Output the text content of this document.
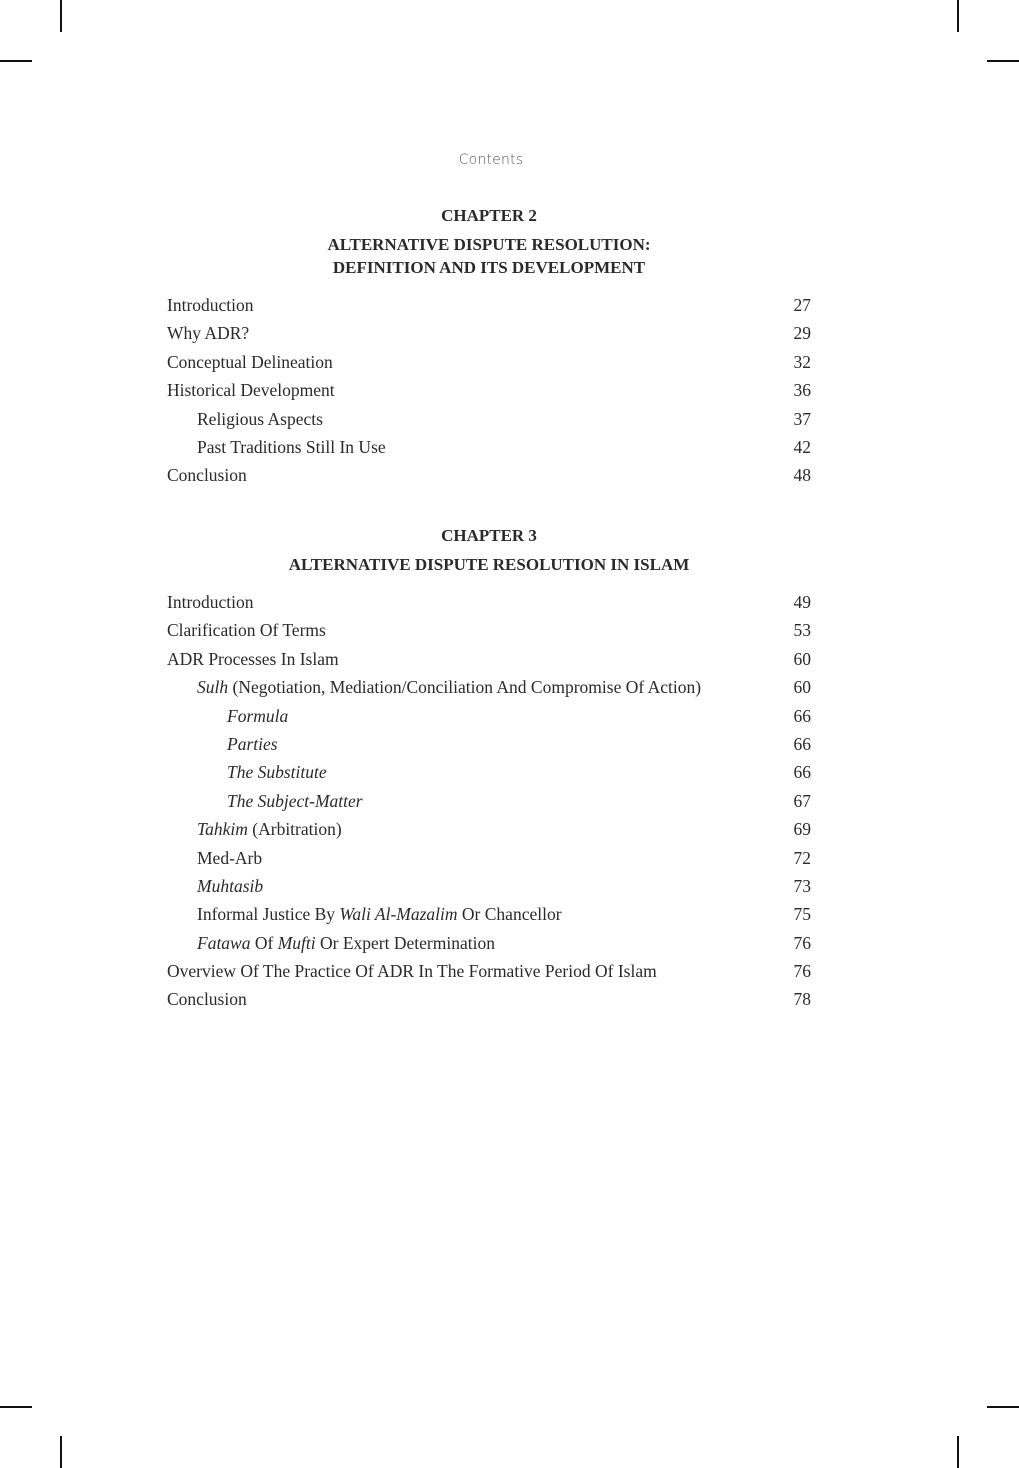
Contents
CHAPTER 2
ALTERNATIVE DISPUTE RESOLUTION:
DEFINITION AND ITS DEVELOPMENT
Introduction	27
Why ADR?	29
Conceptual Delineation	32
Historical Development	36
Religious Aspects	37
Past Traditions Still In Use	42
Conclusion	48
CHAPTER 3
ALTERNATIVE DISPUTE RESOLUTION IN ISLAM
Introduction	49
Clarification Of Terms	53
ADR Processes In Islam	60
Sulh (Negotiation, Mediation/Conciliation And Compromise Of Action)	60
Formula	66
Parties	66
The Substitute	66
The Subject-Matter	67
Tahkim (Arbitration)	69
Med-Arb	72
Muhtasib	73
Informal Justice By Wali Al-Mazalim Or Chancellor	75
Fatawa Of Mufti Or Expert Determination	76
Overview Of The Practice Of ADR In The Formative Period Of Islam	76
Conclusion	78
